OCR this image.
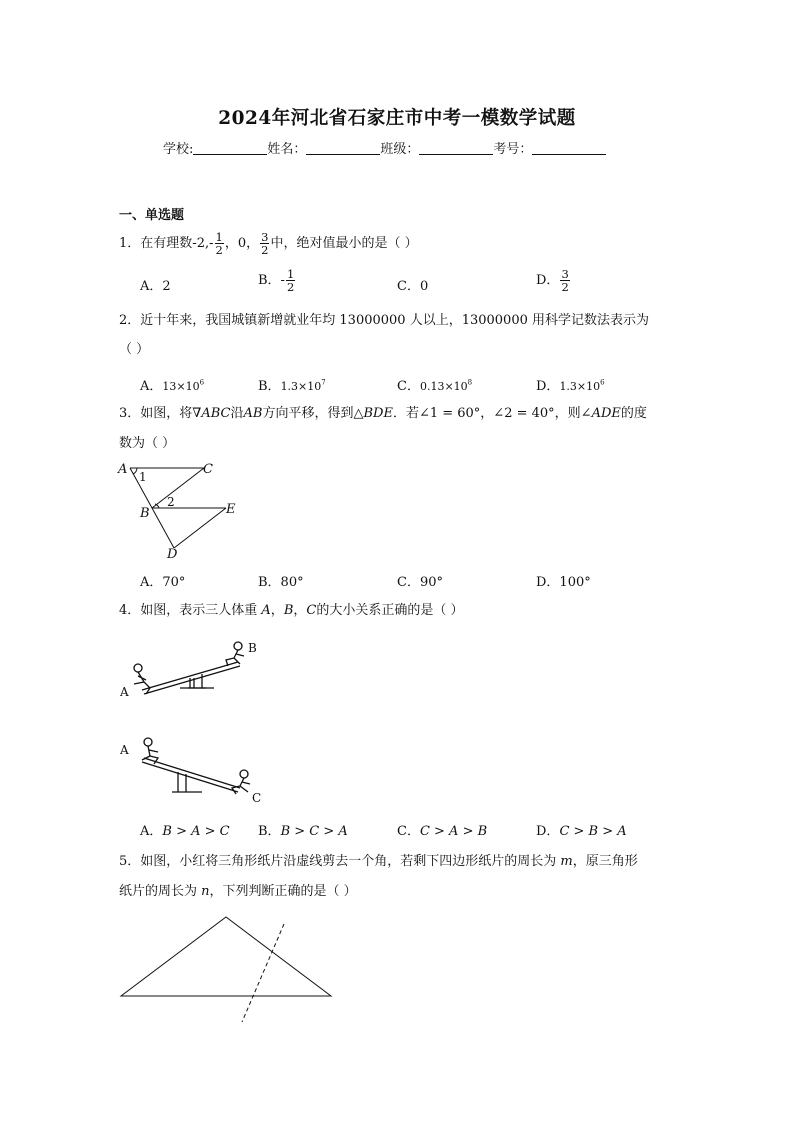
2024年河北省石家庄市中考一模数学试题
学校:	姓名：	班级：	考号：
一、单选题
1．在有理数$-2,- \frac{1}{2}$ ，0， $\frac{3}{2}$ 中，绝对值最小的是（ ）
A．2	B．- $\frac{1}{2}$	C．0	D． $\frac{3}{2}$
2．近十年来，我国城镇新增就业年均 13000000 人以上，13000000 用科学记数法表示为
（ ）
A．$13\times 10^6$	B．$1.3\times 10^7$	C．$0.13\times 10^8$	D．$1.3\times 10^6$
3．如图，将∇ABC沿AB方向平移，得到△BDE．若∠1 = 60°，∠2 = 40°，则∠ADE的度
数为（ ）
A	C
B	E
D
1
2
A．70°	B．80°	C．90°	D．100°
4．如图，表示三人体重 A，B，C的大小关系正确的是（ ）
A
B
A
C
A．B > A > C B．B > C > A	C．C > A > B	D．C > B > A
5．如图，小红将三角形纸片沿虚线剪去一个角，若剩下四边形纸片的周长为 m，原三角形
纸片的周长为 n，下列判断正确的是（ ）
